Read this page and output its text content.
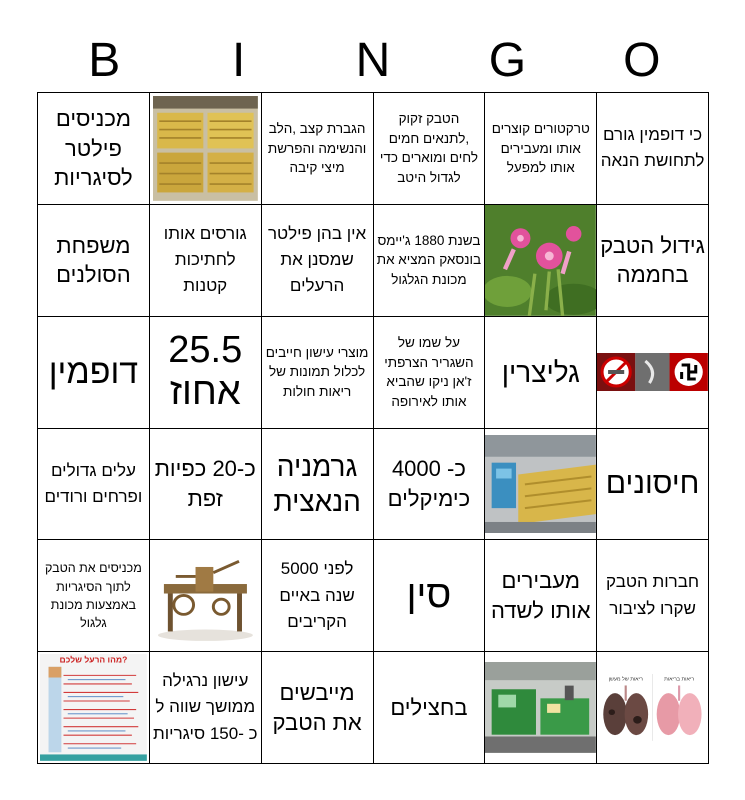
B	I	N	G	O
כי דופמין גורם לתחושת הנאה
טרקטורים קוצרים אותו ומעבירים אותו למפעל
הטבק זקוק ,לתנאים חמים לחים ומוארים כדי לגדול היטב
הגברת קצב ,הלב והנשימה והפרשת מיצי קיבה
מכניסים פילטר לסיגריות
גידול הטבק בחממה
בשנת 1880 ג'יימס בונסאק המציא את מכונת הגלגול
אין בהן פילטר שמסנן את הרעלים
גורסים אותו לחתיכות קטנות
משפחת הסולנים
גליצרין
על שמו של השגריר הצרפתי ז'אן ניקו שהביא אותו לאירופה
מוצרי עישון חייבים לכלול תמונות של ריאות חולות
25.5 אחוז
דופמין
חיסונים
כ- 4000 כימיקלים
גרמניה הנאצית
כ-20 כפיות זפת
עלים גדולים ופרחים ורודים
חברות הטבק שקרו לציבור
מעבירים אותו לשדה
סין
לפני 5000 שנה באיים הקריבים
מכניסים את הטבק לתוך הסיגריות באמצעות מכונת גלגול
ריאות של מעשן	ריאות בריאות
בחצילים
מייבשים את הטבק
עישון נרגילה ממושך שווה ל כ -150 סיגריות
?מהו הרעל שלכם
